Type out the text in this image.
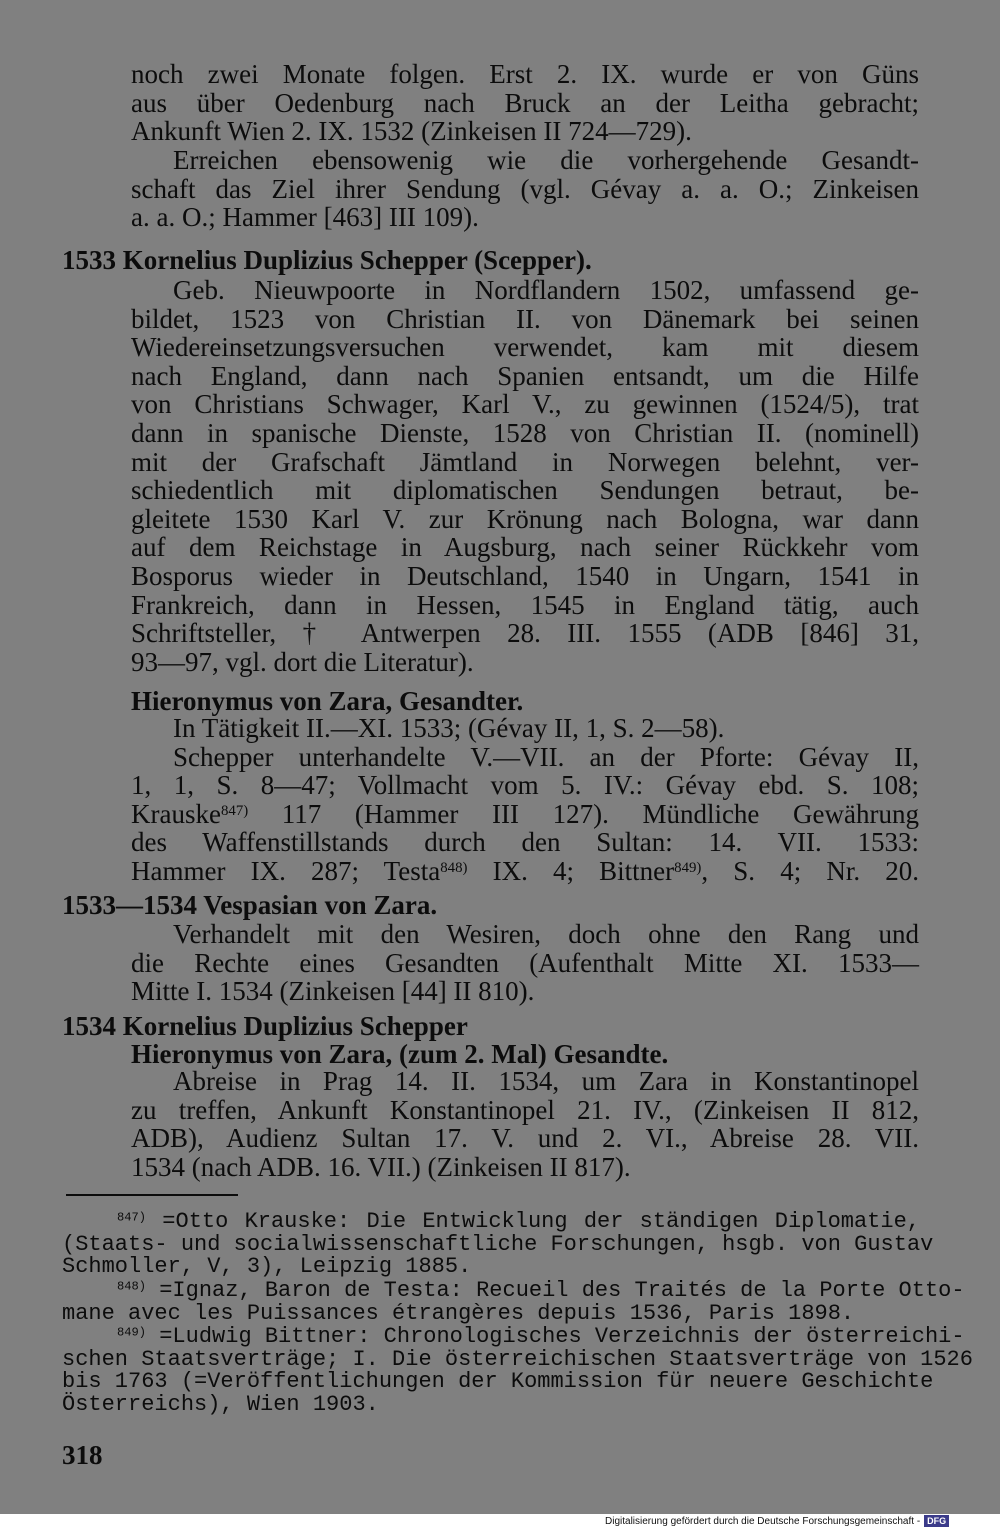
noch zwei Monate folgen. Erst 2. IX. wurde er von Güns
aus über Oedenburg nach Bruck an der Leitha gebracht;
Ankunft Wien 2. IX. 1532 (Zinkeisen II 724—729).
Erreichen ebensowenig wie die vorhergehende Gesandt-
schaft das Ziel ihrer Sendung (vgl. Gévay a. a. O.; Zinkeisen
a. a. O.; Hammer [463] III 109).
1533 Kornelius Duplizius Schepper (Scepper).
Geb. Nieuwpoorte in Nordflandern 1502, umfassend ge-
bildet, 1523 von Christian II. von Dänemark bei seinen
Wiedereinsetzungsversuchen verwendet, kam mit diesem
nach England, dann nach Spanien entsandt, um die Hilfe
von Christians Schwager, Karl V., zu gewinnen (1524/5), trat
dann in spanische Dienste, 1528 von Christian II. (nominell)
mit der Grafschaft Jämtland in Norwegen belehnt, ver-
schiedentlich mit diplomatischen Sendungen betraut, be-
gleitete 1530 Karl V. zur Krönung nach Bologna, war dann
auf dem Reichstage in Augsburg, nach seiner Rückkehr vom
Bosporus wieder in Deutschland, 1540 in Ungarn, 1541 in
Frankreich, dann in Hessen, 1545 in England tätig, auch
Schriftsteller, † Antwerpen 28. III. 1555 (ADB [846] 31,
93—97, vgl. dort die Literatur).
Hieronymus von Zara, Gesandter.
In Tätigkeit II.—XI. 1533; (Gévay II, 1, S. 2—58).
Schepper unterhandelte V.—VII. an der Pforte: Gévay II,
1, 1, S. 8—47; Vollmacht vom 5. IV.: Gévay ebd. S. 108;
Krauske$^{847)}$ 117 (Hammer III 127). Mündliche Gewährung
des Waffenstillstands durch den Sultan: 14. VII. 1533:
Hammer IX. 287; Testa$^{848)}$ IX. 4; Bittner$^{849)}$, S. 4; Nr. 20.
1533—1534 Vespasian von Zara.
Verhandelt mit den Wesiren, doch ohne den Rang und
die Rechte eines Gesandten (Aufenthalt Mitte XI. 1533—
Mitte I. 1534 (Zinkeisen [44] II 810).
1534 Kornelius Duplizius Schepper
Hieronymus von Zara, (zum 2. Mal) Gesandte.
Abreise in Prag 14. II. 1534, um Zara in Konstantinopel
zu treffen, Ankunft Konstantinopel 21. IV., (Zinkeisen II 812,
ADB), Audienz Sultan 17. V. und 2. VI., Abreise 28. VII.
1534 (nach ADB. 16. VII.) (Zinkeisen II 817).
$^{847)}$ =Otto Krauske: Die Entwicklung der ständigen Diplomatie,
(Staats- und socialwissenschaftliche Forschungen, hsgb. von Gustav
Schmoller, V, 3), Leipzig 1885.
$^{848)}$ =Ignaz, Baron de Testa: Recueil des Traités de la Porte Otto-
mane avec les Puissances étrangères depuis 1536, Paris 1898.
$^{849)}$ =Ludwig Bittner: Chronologisches Verzeichnis der österreichi-
schen Staatsverträge; I. Die österreichischen Staatsverträge von 1526
bis 1763 (=Veröffentlichungen der Kommission für neuere Geschichte
Österreichs), Wien 1903.
318
Digitalisierung gefördert durch die Deutsche Forschungsgemeinschaft - DFG
